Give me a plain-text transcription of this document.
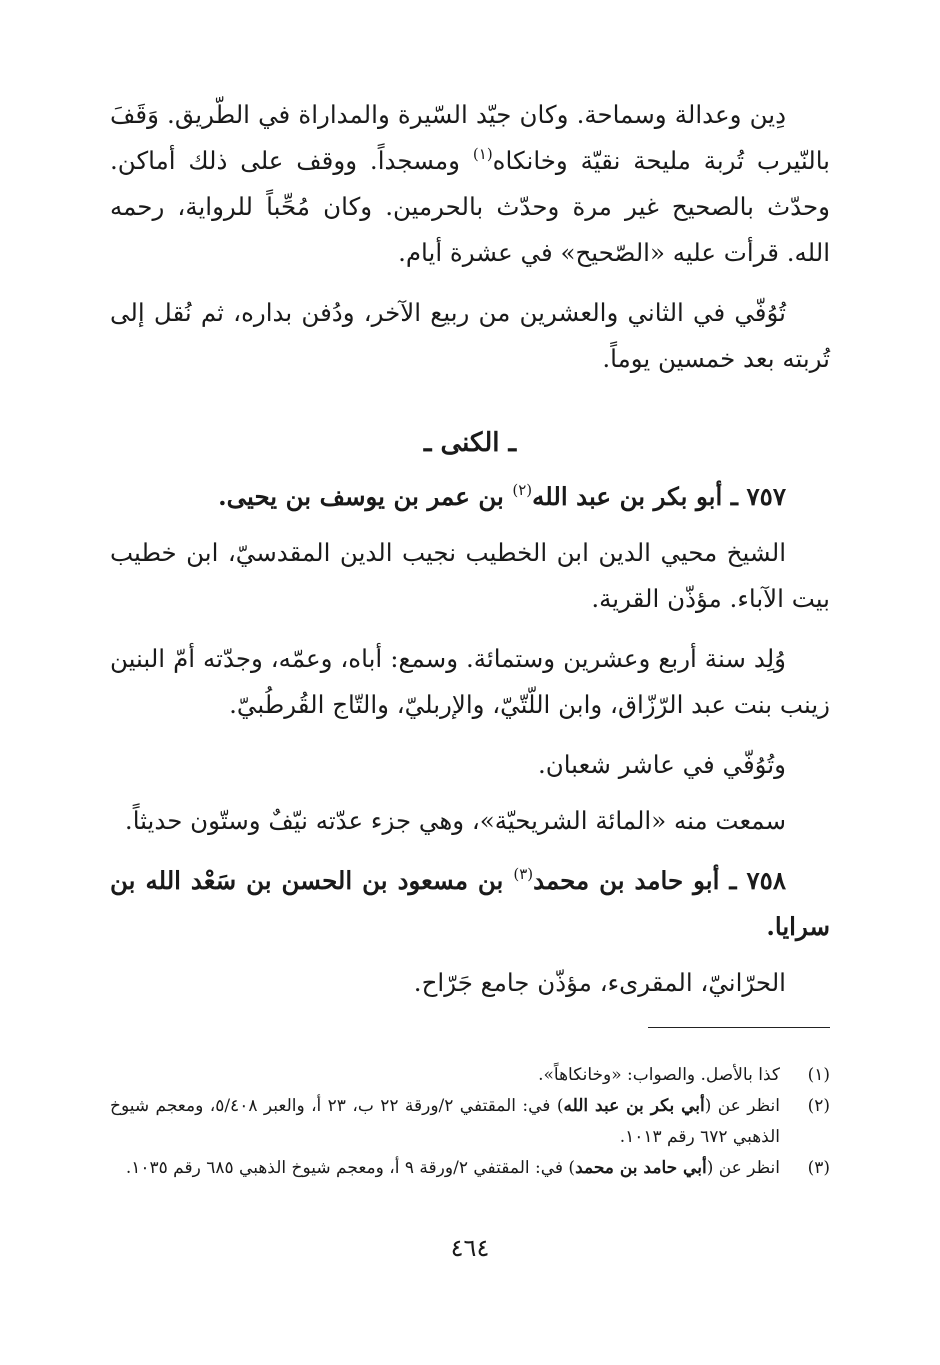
دِين وعدالة وسماحة. وكان جيّد السّيرة والمداراة في الطّريق. وَقَفَ بالنّيرب تُربة مليحة نقيّة وخانكاه$^{(١)}$ ومسجداً. ووقف على ذلك أماكن. وحدّث بالصحيح غير مرة وحدّث بالحرمين. وكان مُحِّباً للرواية، رحمه الله. قرأت عليه «الصّحيح» في عشرة أيام.

تُوُفّي في الثاني والعشرين من ربيع الآخر، ودُفن بداره، ثم نُقل إلى تُربته بعد خمسين يوماً.

ـ الكنى ـ

٧٥٧ ـ أبو بكر بن عبد الله$^{(٢)}$ بن عمر بن يوسف بن يحيى.

الشيخ محيي الدين ابن الخطيب نجيب الدين المقدسيّ، ابن خطيب بيت الآباء. مؤذّن القرية.

وُلِد سنة أربع وعشرين وستمائة. وسمع: أباه، وعمّه، وجدّته أمّ البنين زينب بنت عبد الرّزّاق، وابن اللّتّيّ، والإربليّ، والتّاج القُرطُبيّ.

وتُوُفّي في عاشر شعبان.

سمعت منه «المائة الشريحيّة»، وهي جزء عدّته نيّفٌ وستّون حديثاً.

٧٥٨ ـ أبو حامد بن محمد$^{(٣)}$ بن مسعود بن الحسن بن سَعْد الله بن سرايا.

الحرّانيّ، المقرىء، مؤذّن جامع جَرّاح.

(١)
كذا بالأصل. والصواب: «وخانكاهاً».
(٢)
انظر عن (أبي بكر بن عبد الله) في: المقتفي ٢/ورقة ٢٢ ب، ٢٣ أ، والعبر ٥/٤٠٨، ومعجم شيوخ الذهبي ٦٧٢ رقم ١٠١٣.
(٣)
انظر عن (أبي حامد بن محمد) في: المقتفي ٢/ورقة ٩ أ، ومعجم شيوخ الذهبي ٦٨٥ رقم ١٠٣٥.
٤٦٤
